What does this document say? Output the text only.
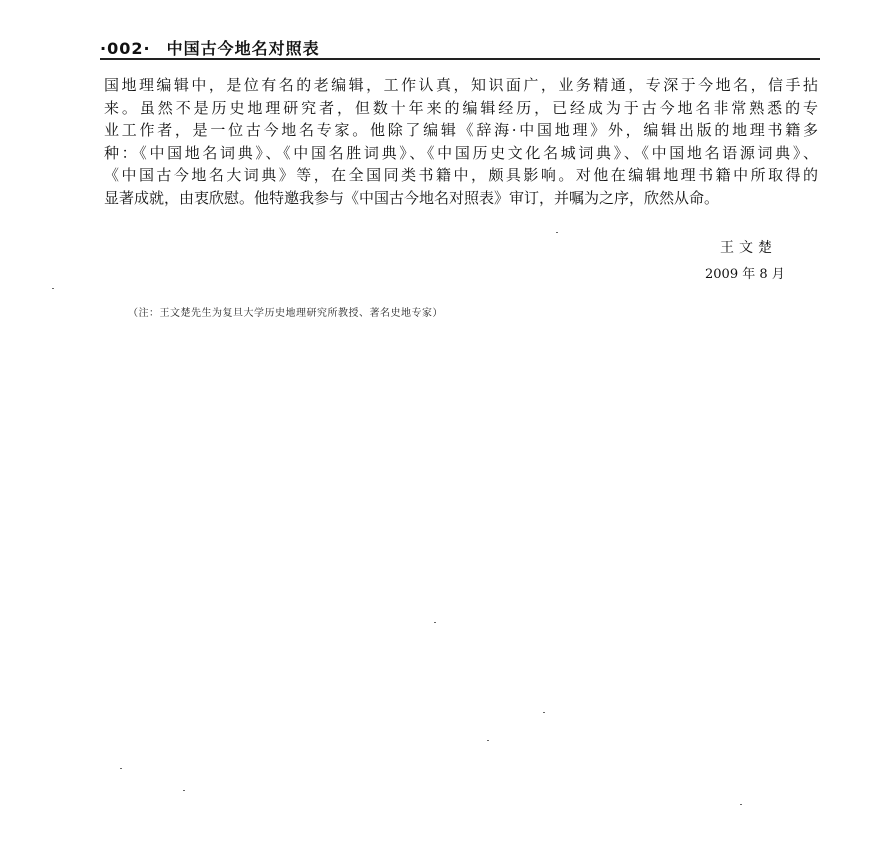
·002· 中国古今地名对照表
国地理编辑中，是位有名的老编辑，工作认真，知识面广，业务精通，专深于今地名，信手拈
来。虽然不是历史地理研究者，但数十年来的编辑经历，已经成为于古今地名非常熟悉的专
业工作者，是一位古今地名专家。他除了编辑《辞海·中国地理》外，编辑出版的地理书籍多
种：《中国地名词典》、《中国名胜词典》、《中国历史文化名城词典》、《中国地名语源词典》、
《中国古今地名大词典》等，在全国同类书籍中，颇具影响。对他在编辑地理书籍中所取得的
显著成就，由衷欣慰。他特邀我参与《中国古今地名对照表》审订，并嘱为之序，欣然从命。
王文楚
2009 年 8 月
（注：王文楚先生为复旦大学历史地理研究所教授、著名史地专家）
